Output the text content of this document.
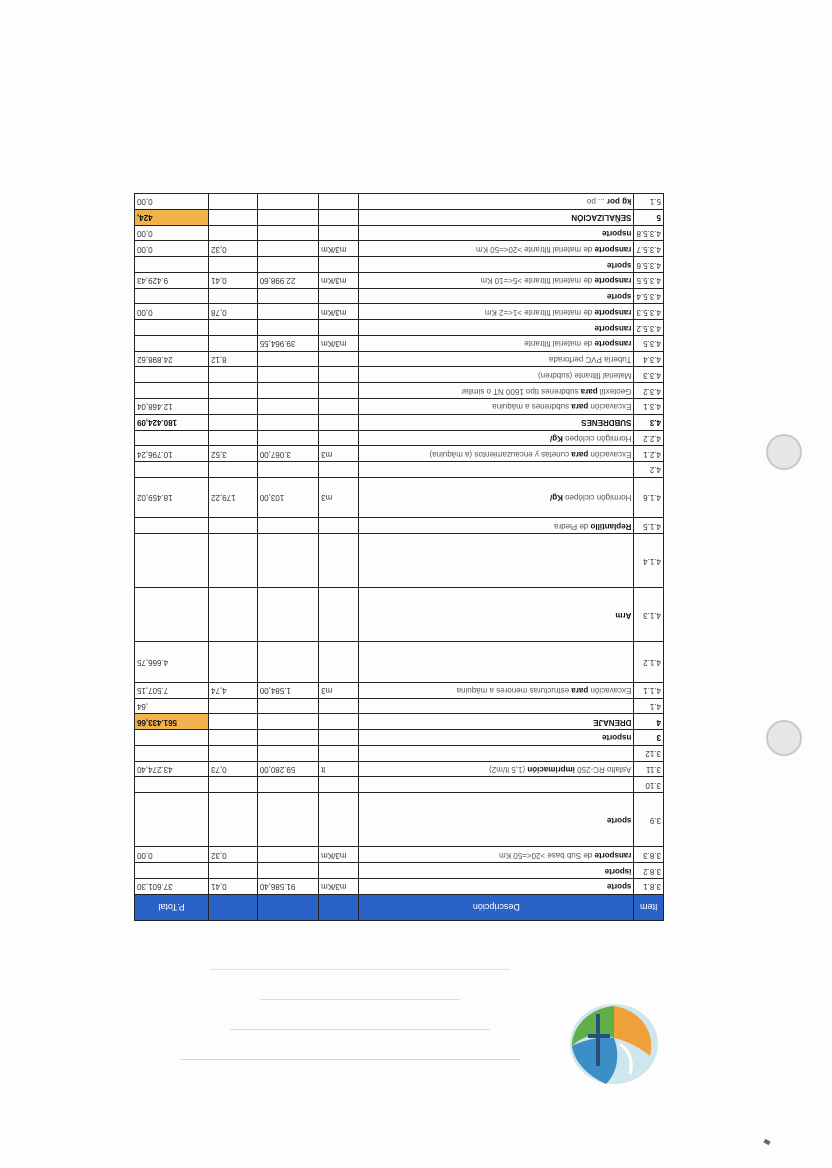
Item	Descripción				P.Total
3.8.1	sporte	m3/Km	91.586,40	0,41	37.601,30
3.8.2	isporte				
3.8.3	ransporte de Sub base >20<=50 Km	m3/Km		0,32	0,00
3.9	sporte				
3.10					
3.11	Asfalto RC-250 imprimación (1,5 lt/m2)	lt	59.280,00	0,73	43.274,40
3.12					
3	nsporte				
4	DRENAJE				561.433,66
4.1					,64
4.1.1	Excavación para estructuras menores a máquina	m3	1.584,00	4,74	7.507,15
4.1.2					4.666,75
4.1.3	Arm				
4.1.4					
4.1.5	Replantillo de Piedra				
4.1.6	Hormigón ciclópeo Kg/	m3	103,00	179,22	18.459,02
4.2					
4.2.1	Excavación para cunetas y encauzamientos (a máquina)	m3	3.067,00	3,52	10.796,24
4.2.2	Hormigón ciclópeo Kg/				
4.3	SUBDRENES				180.424,09
4.3.1	Excavación para subdrenes a máquina				12.468,04
4.3.2	Geotextil para subdrenes tipo 1600 NT o similar				
4.3.3	Material filtrante (subdren)				
4.3.4	Tubería PVC perforada			8,12	24.898,62
4.3.5	ransporte de material filtrante	m3/Km	39.964,55		
4.3.5.2	ransporte				
4.3.5.3	ransporte de material filtrante >1<=2 Km	m3/Km		0,78	0,00
4.3.5.4	sporte				
4.3.5.5	ransporte de material filtrante >5<=10 Km	m3/Km	22.998,60	0,41	9.429,43
4.3.5.6	sporte				
4.3.5.7	ransporte de material filtrante >20<=50 Km	m3/Km		0,32	0,00
4.3.5.8	nsporte				0,00
5	SEÑALIZACIÓN				424,
5.1	kg por ... po				0,00
